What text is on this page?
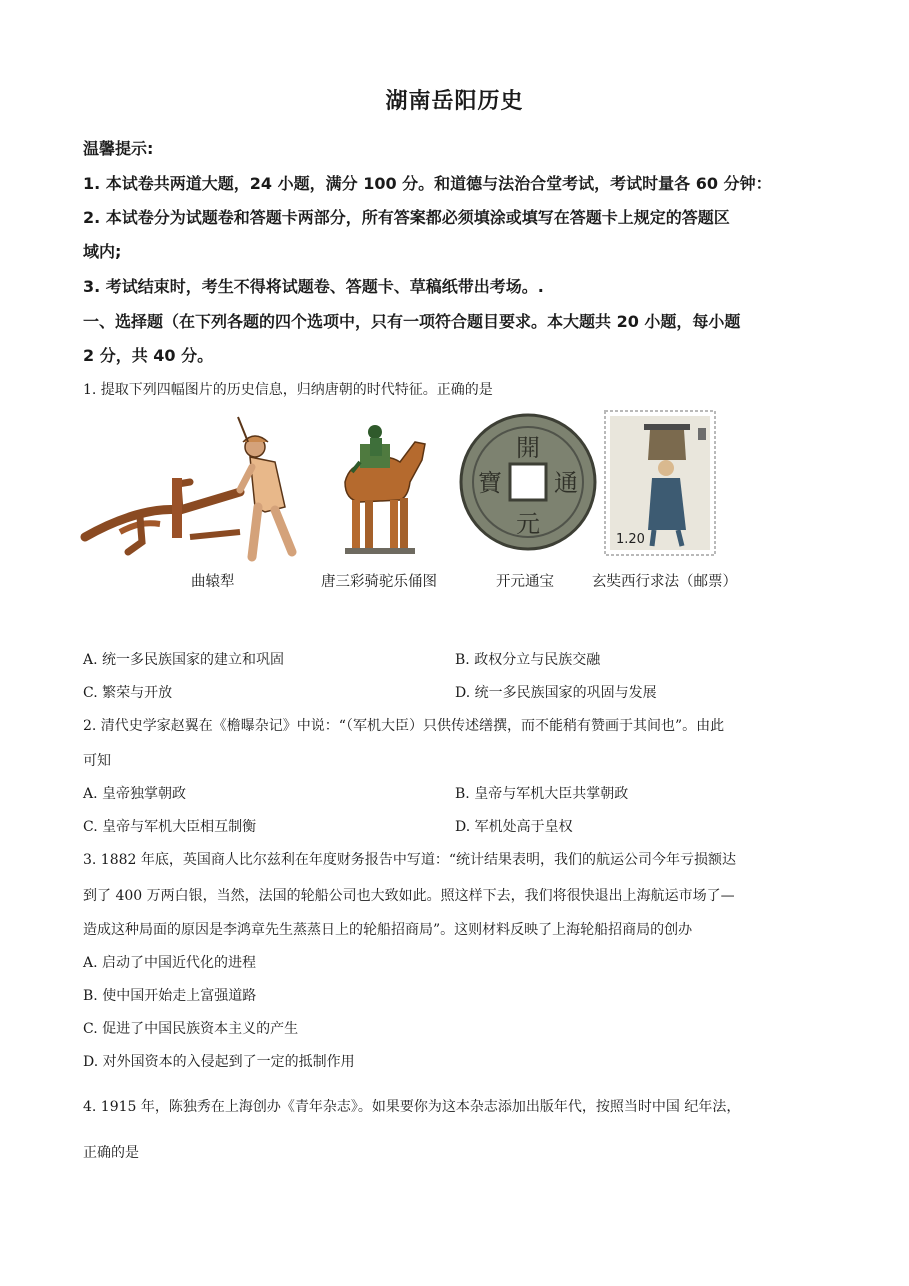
湖南岳阳历史
温馨提示:
1. 本试卷共两道大题，24 小题，满分 100 分。和道德与法治合堂考试，考试时量各 60 分钟：
2. 本试卷分为试题卷和答题卡两部分，所有答案都必须填涂或填写在答题卡上规定的答题区
域内;
3. 考试结束时，考生不得将试题卷、答题卡、草稿纸带出考场。.
一、选择题（在下列各题的四个选项中，只有一项符合题目要求。本大题共 20 小题，每小题
2 分，共 40 分。
1. 提取下列四幅图片的历史信息，归纳唐朝的时代特征。正确的是
曲辕犁	唐三彩骑驼乐俑图
開
元
通
寶
开元通宝
1.20
玄奘西行求法（邮票）
A. 统一多民族国家的建立和巩固	B. 政权分立与民族交融
C. 繁荣与开放	D. 统一多民族国家的巩固与发展
2. 清代史学家赵翼在《檐曝杂记》中说：“（军机大臣）只供传述缮撰，而不能稍有赞画于其间也”。由此
可知
A. 皇帝独掌朝政	B. 皇帝与军机大臣共掌朝政
C. 皇帝与军机大臣相互制衡	D. 军机处高于皇权
3. 1882 年底，英国商人比尔兹利在年度财务报告中写道：“统计结果表明，我们的航运公司今年亏损额达
到了 400 万两白银，当然，法国的轮船公司也大致如此。照这样下去，我们将很快退出上海航运市场了—
造成这种局面的原因是李鸿章先生蒸蒸日上的轮船招商局”。这则材料反映了上海轮船招商局的创办
A. 启动了中国近代化的进程
B. 使中国开始走上富强道路
C. 促进了中国民族资本主义的产生
D. 对外国资本的入侵起到了一定的抵制作用
4. 1915 年，陈独秀在上海创办《青年杂志》。如果要你为这本杂志添加出版年代，按照当时中国 纪年法，
正确的是
